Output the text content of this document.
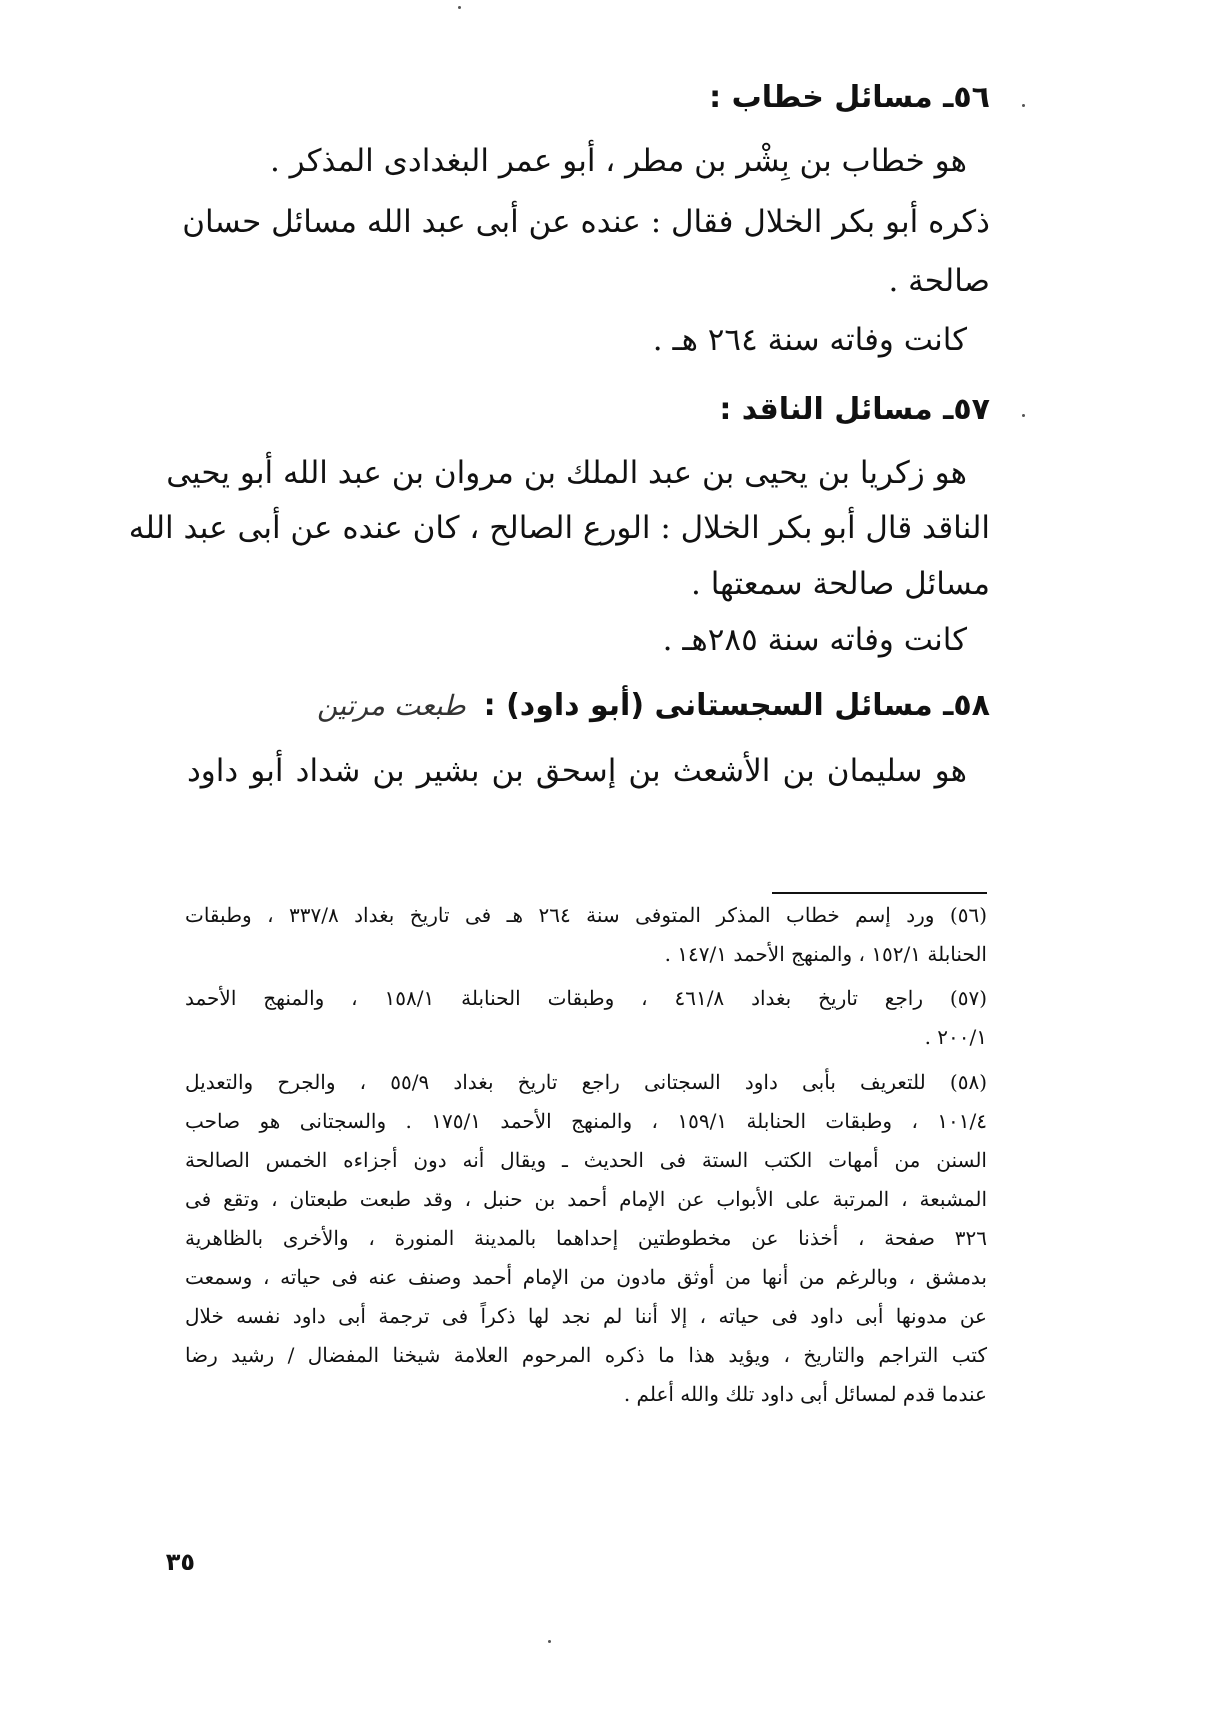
٥٦ـ مسائل خطاب :
هو خطاب بن بِشْر بن مطر ، أبو عمر البغدادى المذكر .
ذكره أبو بكر الخلال فقال : عنده عن أبى عبد الله مسائل حسان
صالحة .
كانت وفاته سنة ٢٦٤ هـ .
٥٧ـ مسائل الناقد :
هو زكريا بن يحيى بن عبد الملك بن مروان بن عبد الله أبو يحيى
الناقد قال أبو بكر الخلال : الورع الصالح ، كان عنده عن أبى عبد الله
مسائل صالحة سمعتها .
كانت وفاته سنة ٢٨٥هـ .
٥٨ـ مسائل السجستانى (أبو داود) :طبعت مرتين
هو سليمان بن الأشعث بن إسحق بن بشير بن شداد أبو داود
(٥٦) ورد إسم خطاب المذكر المتوفى سنة ٢٦٤ هـ فى تاريخ بغداد ٣٣٧/٨ ، وطبقات
الحنابلة ١٥٢/١ ، والمنهج الأحمد ١٤٧/١ .
(٥٧) راجع تاريخ بغداد ٤٦١/٨ ، وطبقات الحنابلة ١٥٨/١ ، والمنهج الأحمد
٢٠٠/١ .
(٥٨) للتعريف بأبى داود السجتانى راجع تاريخ بغداد ٥٥/٩ ، والجرح والتعديل
١٠١/٤ ، وطبقات الحنابلة ١٥٩/١ ، والمنهج الأحمد ١٧٥/١ . والسجتانى هو صاحب
السنن من أمهات الكتب الستة فى الحديث ـ ويقال أنه دون أجزاءه الخمس الصالحة
المشبعة ، المرتبة على الأبواب عن الإمام أحمد بن حنبل ، وقد طبعت طبعتان ، وتقع فى
٣٢٦ صفحة ، أخذنا عن مخطوطتين إحداهما بالمدينة المنورة ، والأخرى بالظاهرية
بدمشق ، وبالرغم من أنها من أوثق مادون من الإمام أحمد وصنف عنه فى حياته ، وسمعت
عن مدونها أبى داود فى حياته ، إلا أننا لم نجد لها ذكراً فى ترجمة أبى داود نفسه خلال
كتب التراجم والتاريخ ، ويؤيد هذا ما ذكره المرحوم العلامة شيخنا المفضال / رشيد رضا
عندما قدم لمسائل أبى داود تلك والله أعلم .
٣٥
